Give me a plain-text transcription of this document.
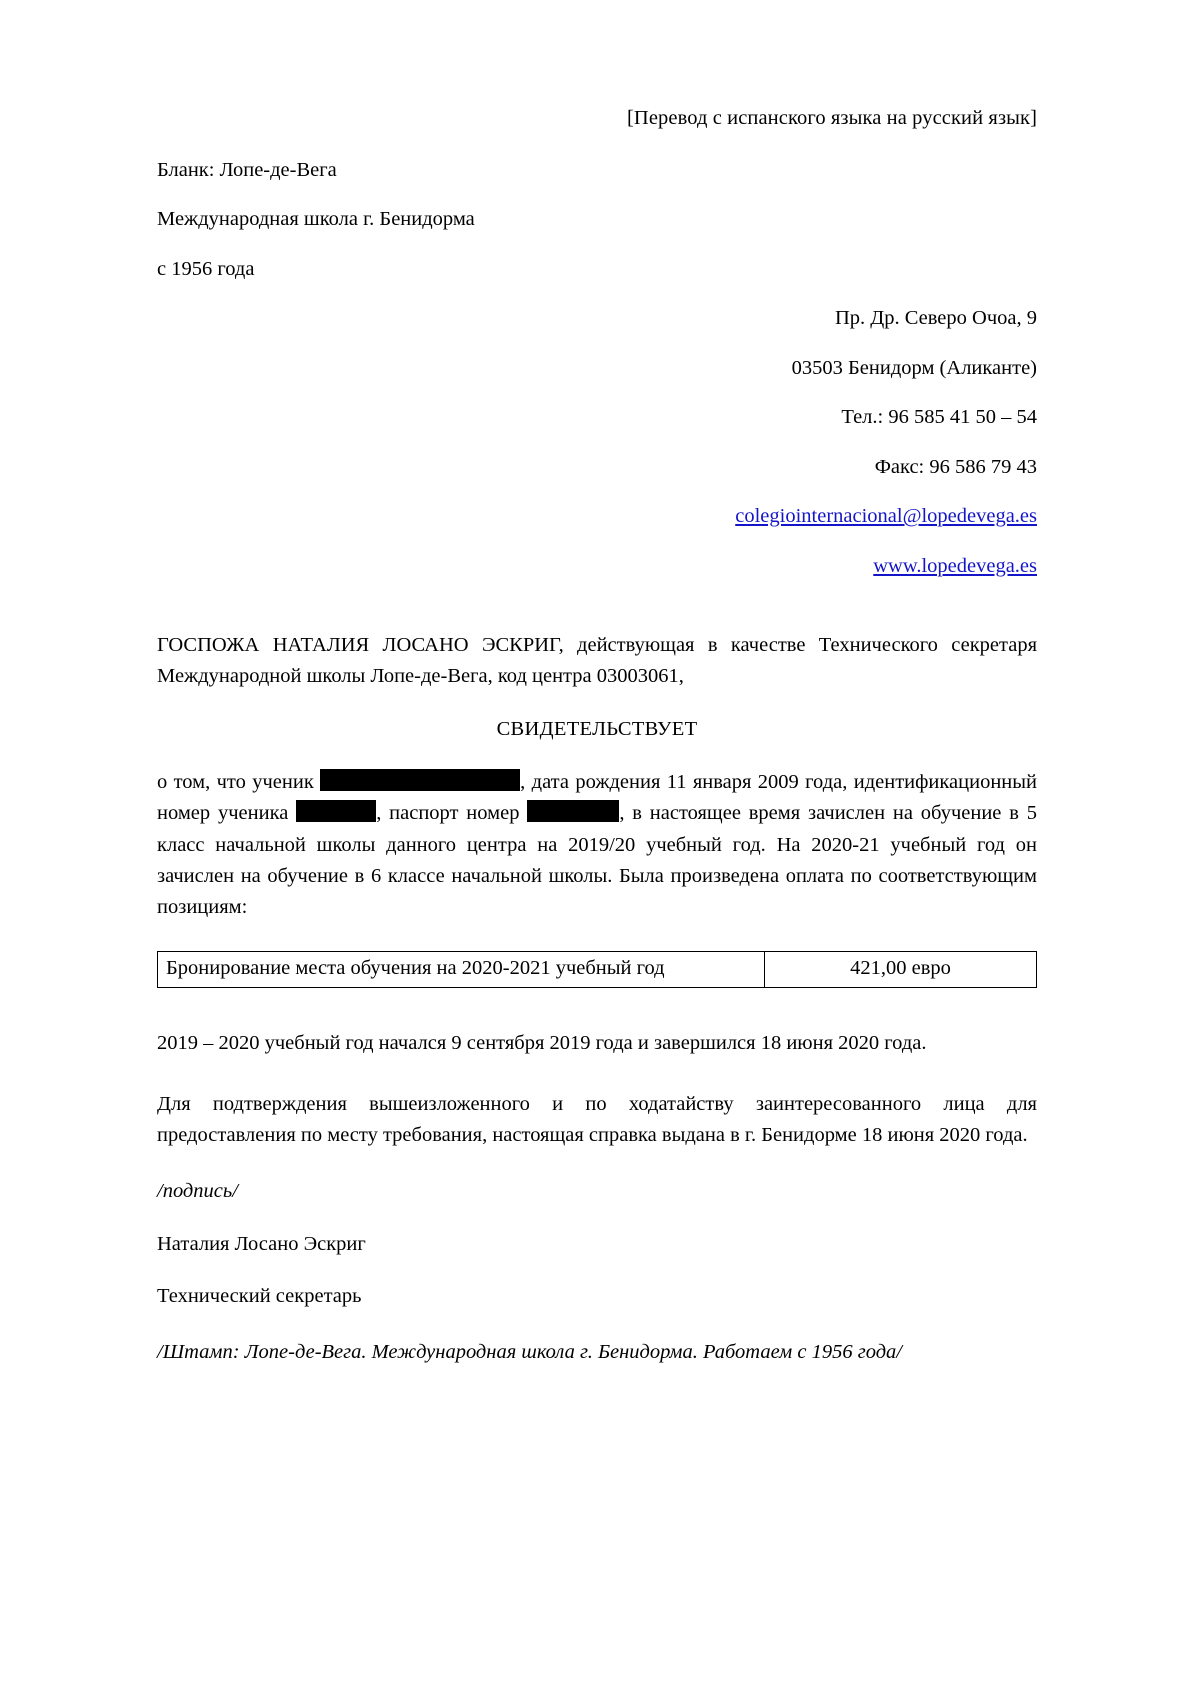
[Перевод с испанского языка на русский язык]
Бланк: Лопе-де-Вега
Международная школа г. Бенидорма
с 1956 года
Пр. Др. Северо Очоа, 9
03503 Бенидорм (Аликанте)
Тел.: 96 585 41 50 – 54
Факс: 96 586 79 43
colegiointernacional@lopedevega.es
www.lopedevega.es

ГОСПОЖА НАТАЛИЯ ЛОСАНО ЭСКРИГ, действующая в качестве Технического секретаря Международной школы Лопе-де-Вега, код центра 03003061,

СВИДЕТЕЛЬСТВУЕТ

о том, что ученик	, дата рождения 11 января 2009 года, идентификационный номер ученика	, паспорт номер	, в настоящее время зачислен на обучение в 5 класс начальной школы данного центра на 2019/20 учебный год. На 2020-21 учебный год он зачислен на обучение в 6 классе начальной школы. Была произведена оплата по соответствующим позициям:

Бронирование места обучения на 2020-2021 учебный год	421,00 евро

2019 – 2020 учебный год начался 9 сентября 2019 года и завершился 18 июня 2020 года.

Для подтверждения вышеизложенного и по ходатайству заинтересованного лица для предоставления по месту требования, настоящая справка выдана в г. Бенидорме 18 июня 2020 года.

/подпись/
Наталия Лосано Эскриг
Технический секретарь
/Штамп: Лопе-де-Вега. Международная школа г. Бенидорма. Работаем с 1956 года/
